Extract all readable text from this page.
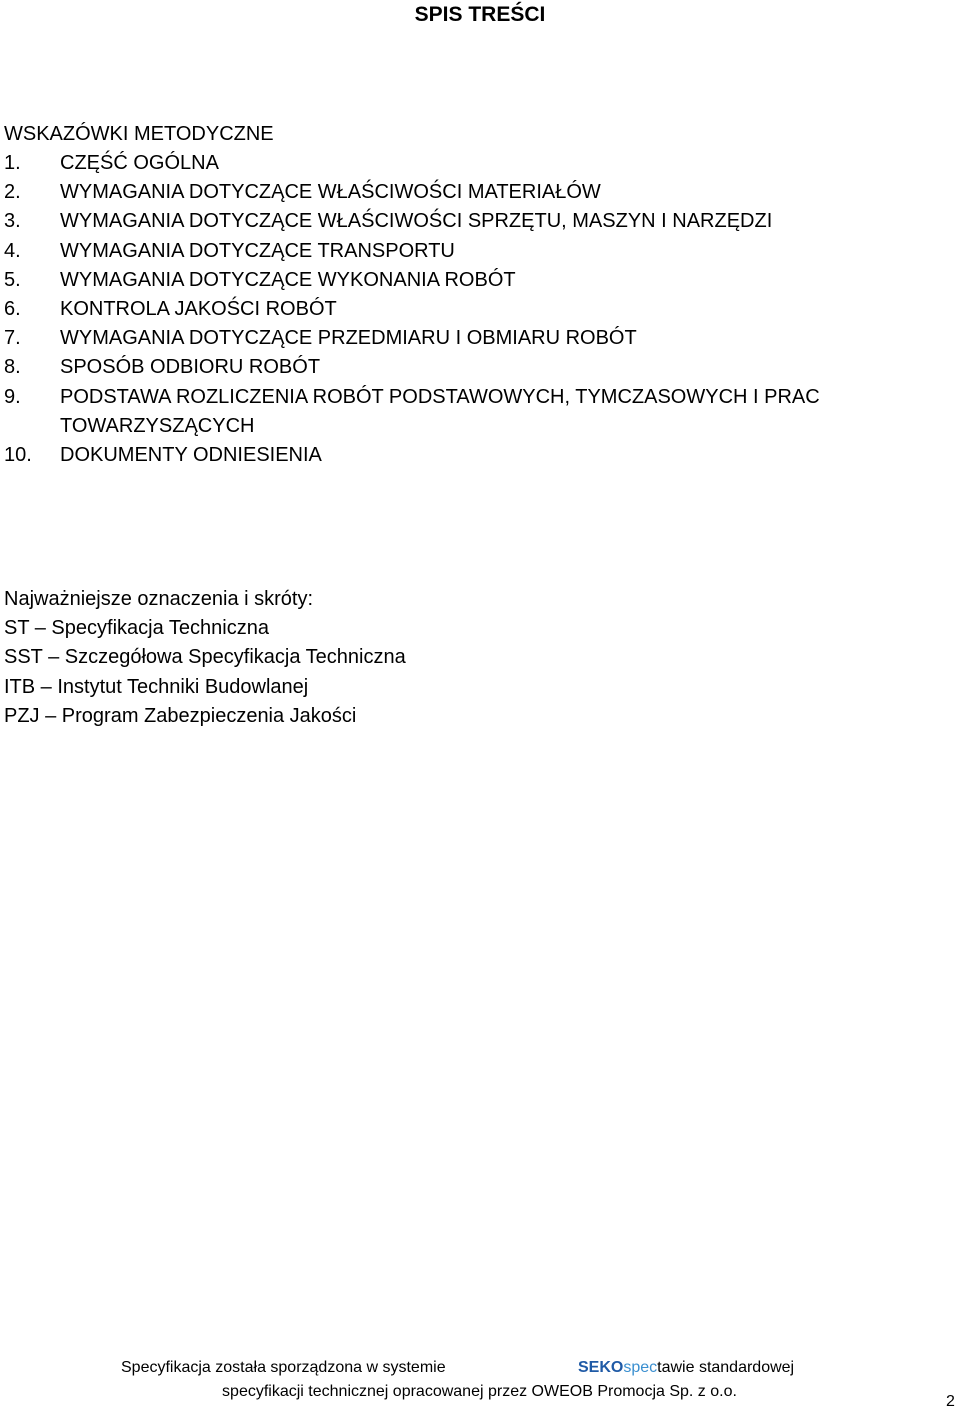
SPIS TREŚCI
WSKAZÓWKI METODYCZNE
1.	CZĘŚĆ OGÓLNA
2.	WYMAGANIA DOTYCZĄCE WŁAŚCIWOŚCI MATERIAŁÓW
3.	WYMAGANIA DOTYCZĄCE WŁAŚCIWOŚCI SPRZĘTU, MASZYN I NARZĘDZI
4.	WYMAGANIA DOTYCZĄCE TRANSPORTU
5.	WYMAGANIA DOTYCZĄCE WYKONANIA ROBÓT
6.	KONTROLA JAKOŚCI ROBÓT
7.	WYMAGANIA DOTYCZĄCE PRZEDMIARU I OBMIARU ROBÓT
8.	SPOSÓB ODBIORU ROBÓT
9.	PODSTAWA ROZLICZENIA ROBÓT PODSTAWOWYCH, TYMCZASOWYCH I PRAC TOWARZYSZĄCYCH
10.	DOKUMENTY ODNIESIENIA
Najważniejsze oznaczenia i skróty:
ST – Specyfikacja Techniczna
SST – Szczegółowa Specyfikacja Techniczna
ITB – Instytut Techniki Budowlanej
PZJ – Program Zabezpieczenia Jakości
Specyfikacja została sporządzona w systemie	SEKOspectawie standardowej
specyfikacji technicznej opracowanej przez OWEOB Promocja Sp. z o.o.
2
